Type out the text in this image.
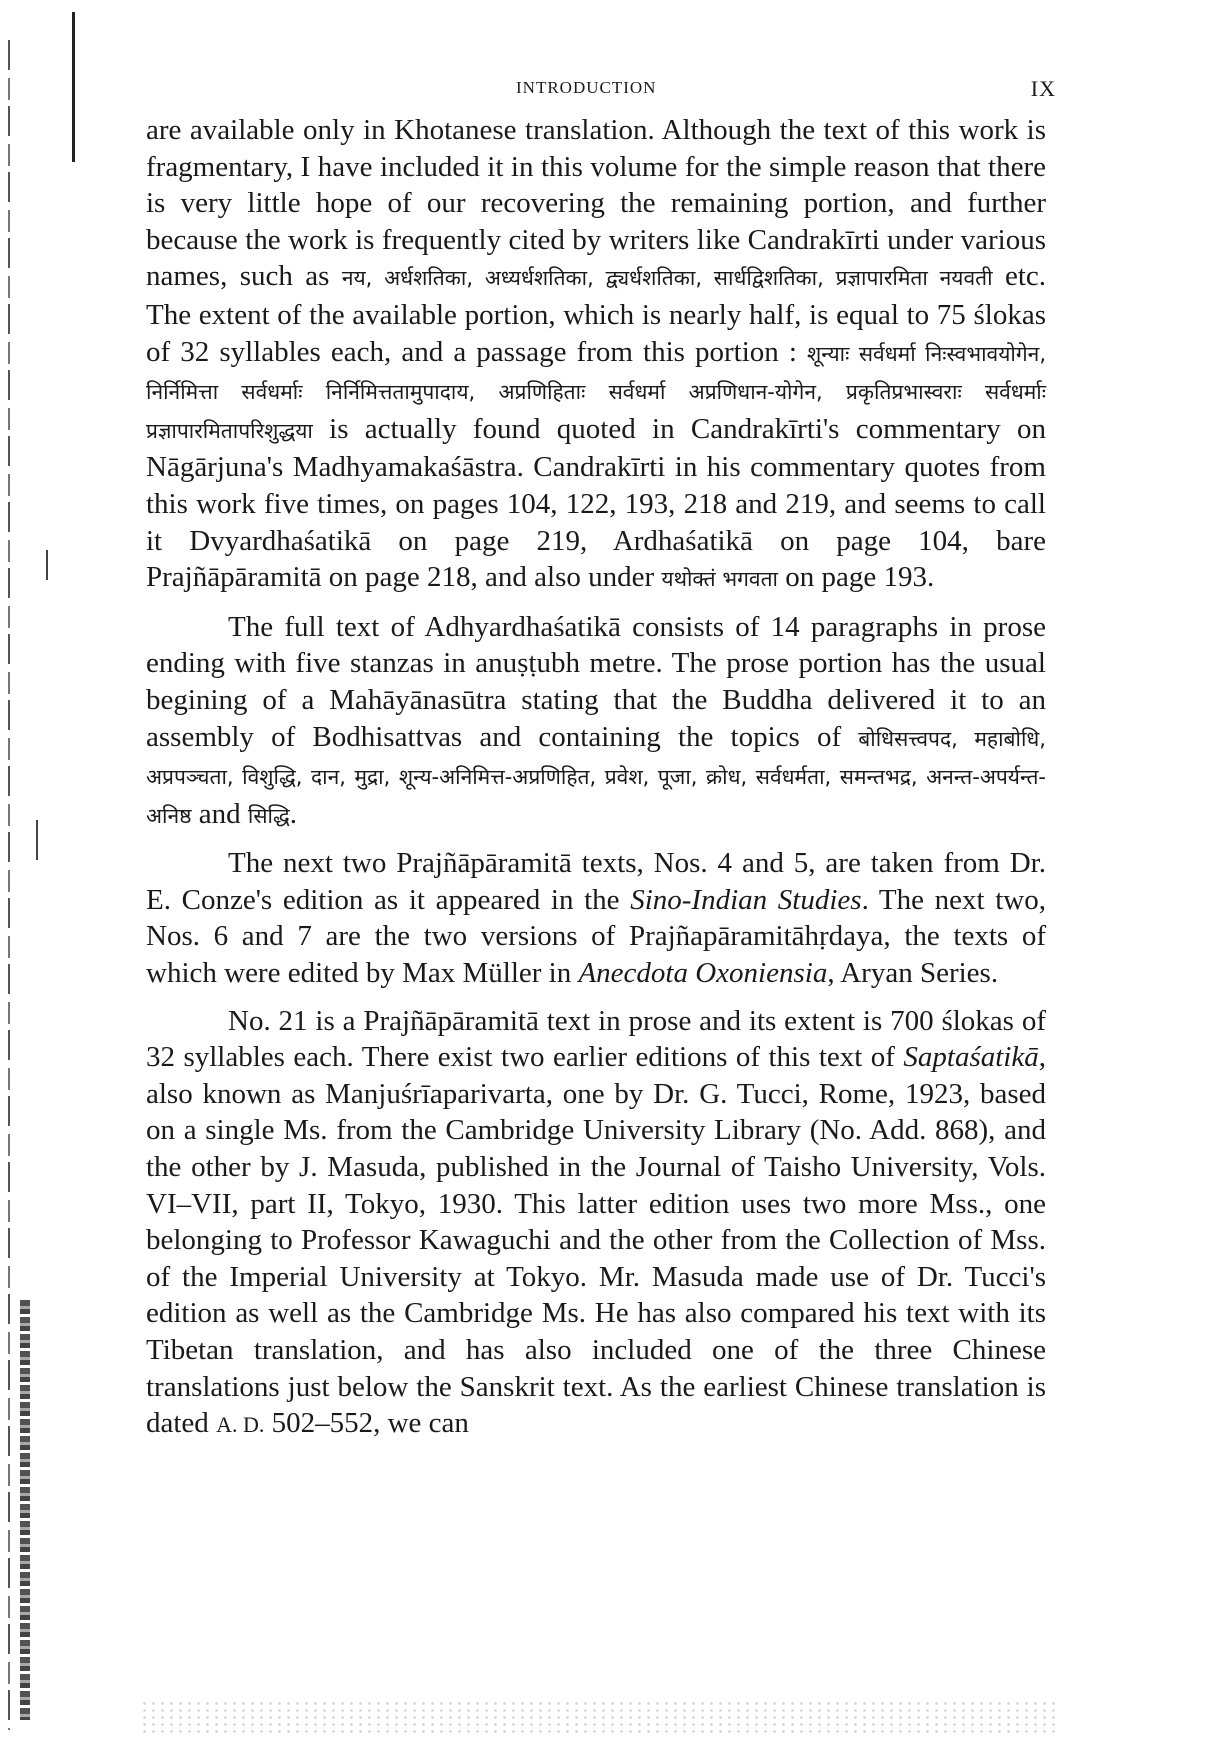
INTRODUCTION	IX

are available only in Khotanese translation. Although the text of this work is fragmentary, I have included it in this volume for the simple reason that there is very little hope of our recovering the remaining portion, and further because the work is frequently cited by writers like Candrakīrti under various names, such as नय, अर्धशतिका, अध्यर्धशतिका, द्व्यर्धशतिका, सार्धद्विशतिका, प्रज्ञापारमिता नयवती etc. The extent of the available portion, which is nearly half, is equal to 75 ślokas of 32 syllables each, and a passage from this portion : शून्याः सर्वधर्मा निःस्वभावयोगेन, निर्निमित्ता सर्वधर्माः निर्निमित्ततामुपादाय, अप्रणिहिताः सर्वधर्मा अप्रणिधान-योगेन, प्रकृतिप्रभास्वराः सर्वधर्माः प्रज्ञापारमितापरिशुद्धया is actually found quoted in Candrakīrti's commentary on Nāgārjuna's Madhyamakaśāstra. Candrakīrti in his commentary quotes from this work five times, on pages 104, 122, 193, 218 and 219, and seems to call it Dvyardhaśatikā on page 219, Ardhaśatikā on page 104, bare Prajñāpāramitā on page 218, and also under यथोक्तं भगवता on page 193.

The full text of Adhyardhaśatikā consists of 14 paragraphs in prose ending with five stanzas in anuṣṭubh metre. The prose portion has the usual begining of a Mahāyānasūtra stating that the Buddha delivered it to an assembly of Bodhisattvas and containing the topics of बोधिसत्त्वपद, महाबोधि, अप्रपञ्चता, विशुद्धि, दान, मुद्रा, शून्य-अनिमित्त-अप्रणिहित, प्रवेश, पूजा, क्रोध, सर्वधर्मता, समन्तभद्र, अनन्त-अपर्यन्त-अनिष्ठ and सिद्धि.

The next two Prajñāpāramitā texts, Nos. 4 and 5, are taken from Dr. E. Conze's edition as it appeared in the Sino-Indian Studies. The next two, Nos. 6 and 7 are the two versions of Prajñapāramitāhṛdaya, the texts of which were edited by Max Müller in Anecdota Oxoniensia, Aryan Series.

No. 21 is a Prajñāpāramitā text in prose and its extent is 700 ślokas of 32 syllables each. There exist two earlier editions of this text of Saptaśatikā, also known as Manjuśrīaparivarta, one by Dr. G. Tucci, Rome, 1923, based on a single Ms. from the Cambridge University Library (No. Add. 868), and the other by J. Masuda, published in the Journal of Taisho University, Vols. VI–VII, part II, Tokyo, 1930. This latter edition uses two more Mss., one belonging to Professor Kawaguchi and the other from the Collection of Mss. of the Imperial University at Tokyo. Mr. Masuda made use of Dr. Tucci's edition as well as the Cambridge Ms. He has also compared his text with its Tibetan translation, and has also included one of the three Chinese translations just below the Sanskrit text. As the earliest Chinese translation is dated A. D. 502–552, we can
